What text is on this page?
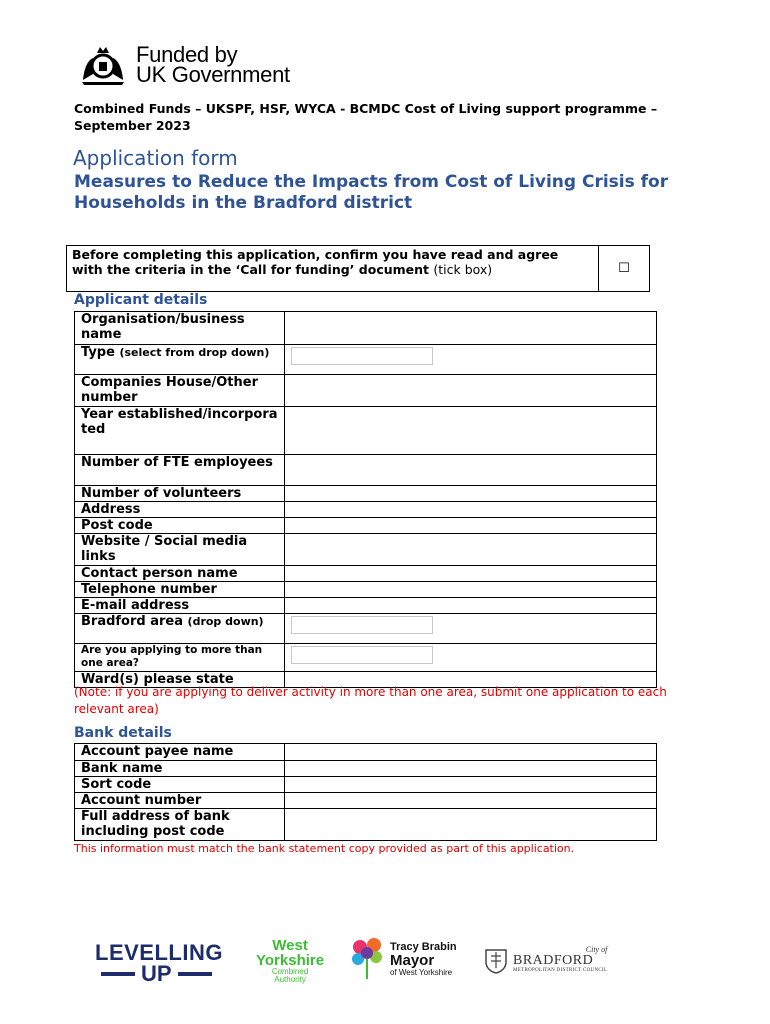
Funded by
UK Government
Combined Funds – UKSPF, HSF, WYCA - BCMDC Cost of Living support programme – September 2023
Application form
Measures to Reduce the Impacts from Cost of Living Crisis for Households in the Bradford district
Before completing this application, confirm you have read and agree with the criteria in the ‘Call for funding’ document (tick box)	☐
Applicant details
Organisation/business name	
Type (select from drop down)	

Companies House/Other number	
Year established/incorporated	
Number of FTE employees	
Number of volunteers	
Address	
Post code	
Website / Social media links	
Contact person name	
Telephone number	
E-mail address	
Bradford area (drop down)	

Are you applying to more than one area?	

Ward(s) please state	
(Note: if you are applying to deliver activity in more than one area, submit one application to each relevant area)
Bank details
Account payee name	
Bank name	
Sort code	
Account number	
Full address of bank including post code	
This information must match the bank statement copy provided as part of this application.
LEVELLING
UP
West
Yorkshire
Combined
Authority
Tracy Brabin
Mayor
of West Yorkshire
City of
BRADFORD
METROPOLITAN DISTRICT COUNCIL
